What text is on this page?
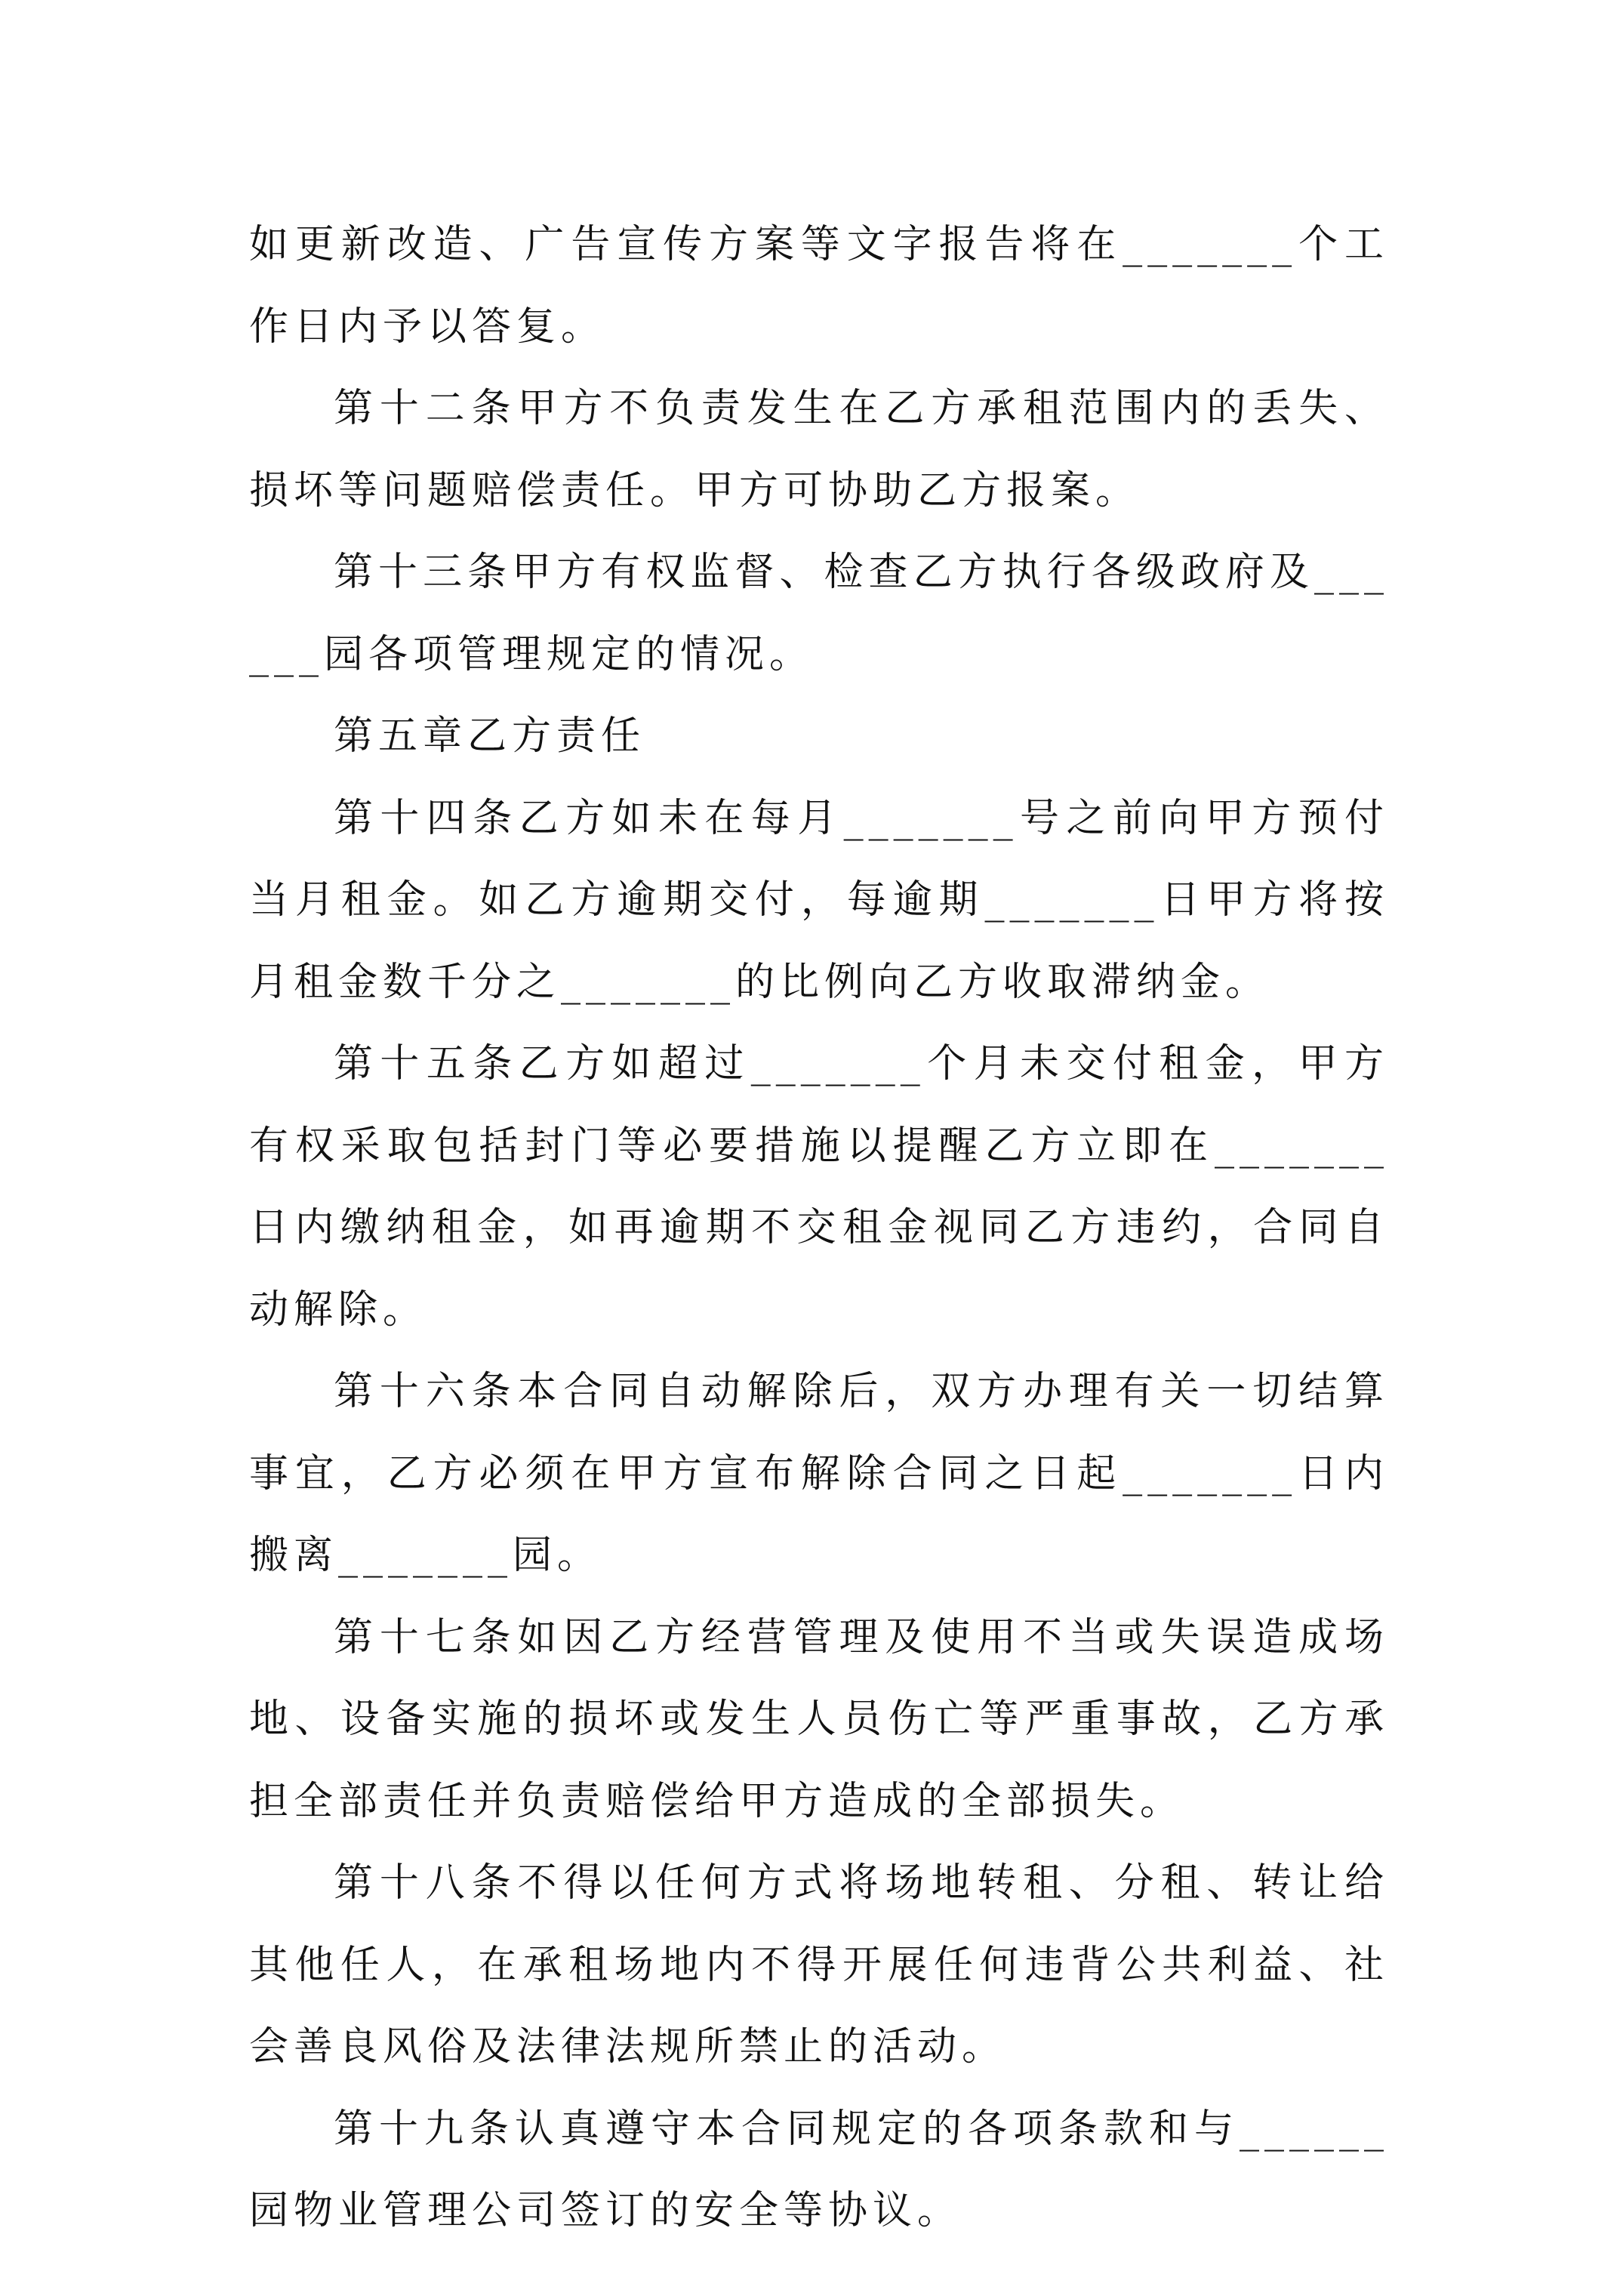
如更新改造、广告宣传方案等文字报告将在_______个工作日内予以答复。

第十二条甲方不负责发生在乙方承租范围内的丢失、损坏等问题赔偿责任。甲方可协助乙方报案。

第十三条甲方有权监督、检查乙方执行各级政府及______园各项管理规定的情况。

第五章乙方责任

第十四条乙方如未在每月_______号之前向甲方预付当月租金。如乙方逾期交付，每逾期_______日甲方将按月租金数千分之_______的比例向乙方收取滞纳金。

第十五条乙方如超过_______个月未交付租金，甲方有权采取包括封门等必要措施以提醒乙方立即在_______日内缴纳租金，如再逾期不交租金视同乙方违约，合同自动解除。

第十六条本合同自动解除后，双方办理有关一切结算事宜，乙方必须在甲方宣布解除合同之日起_______日内搬离_______园。

第十七条如因乙方经营管理及使用不当或失误造成场地、设备实施的损坏或发生人员伤亡等严重事故，乙方承担全部责任并负责赔偿给甲方造成的全部损失。

第十八条不得以任何方式将场地转租、分租、转让给其他任人，在承租场地内不得开展任何违背公共利益、社会善良风俗及法律法规所禁止的活动。

第十九条认真遵守本合同规定的各项条款和与______园物业管理公司签订的安全等协议。
